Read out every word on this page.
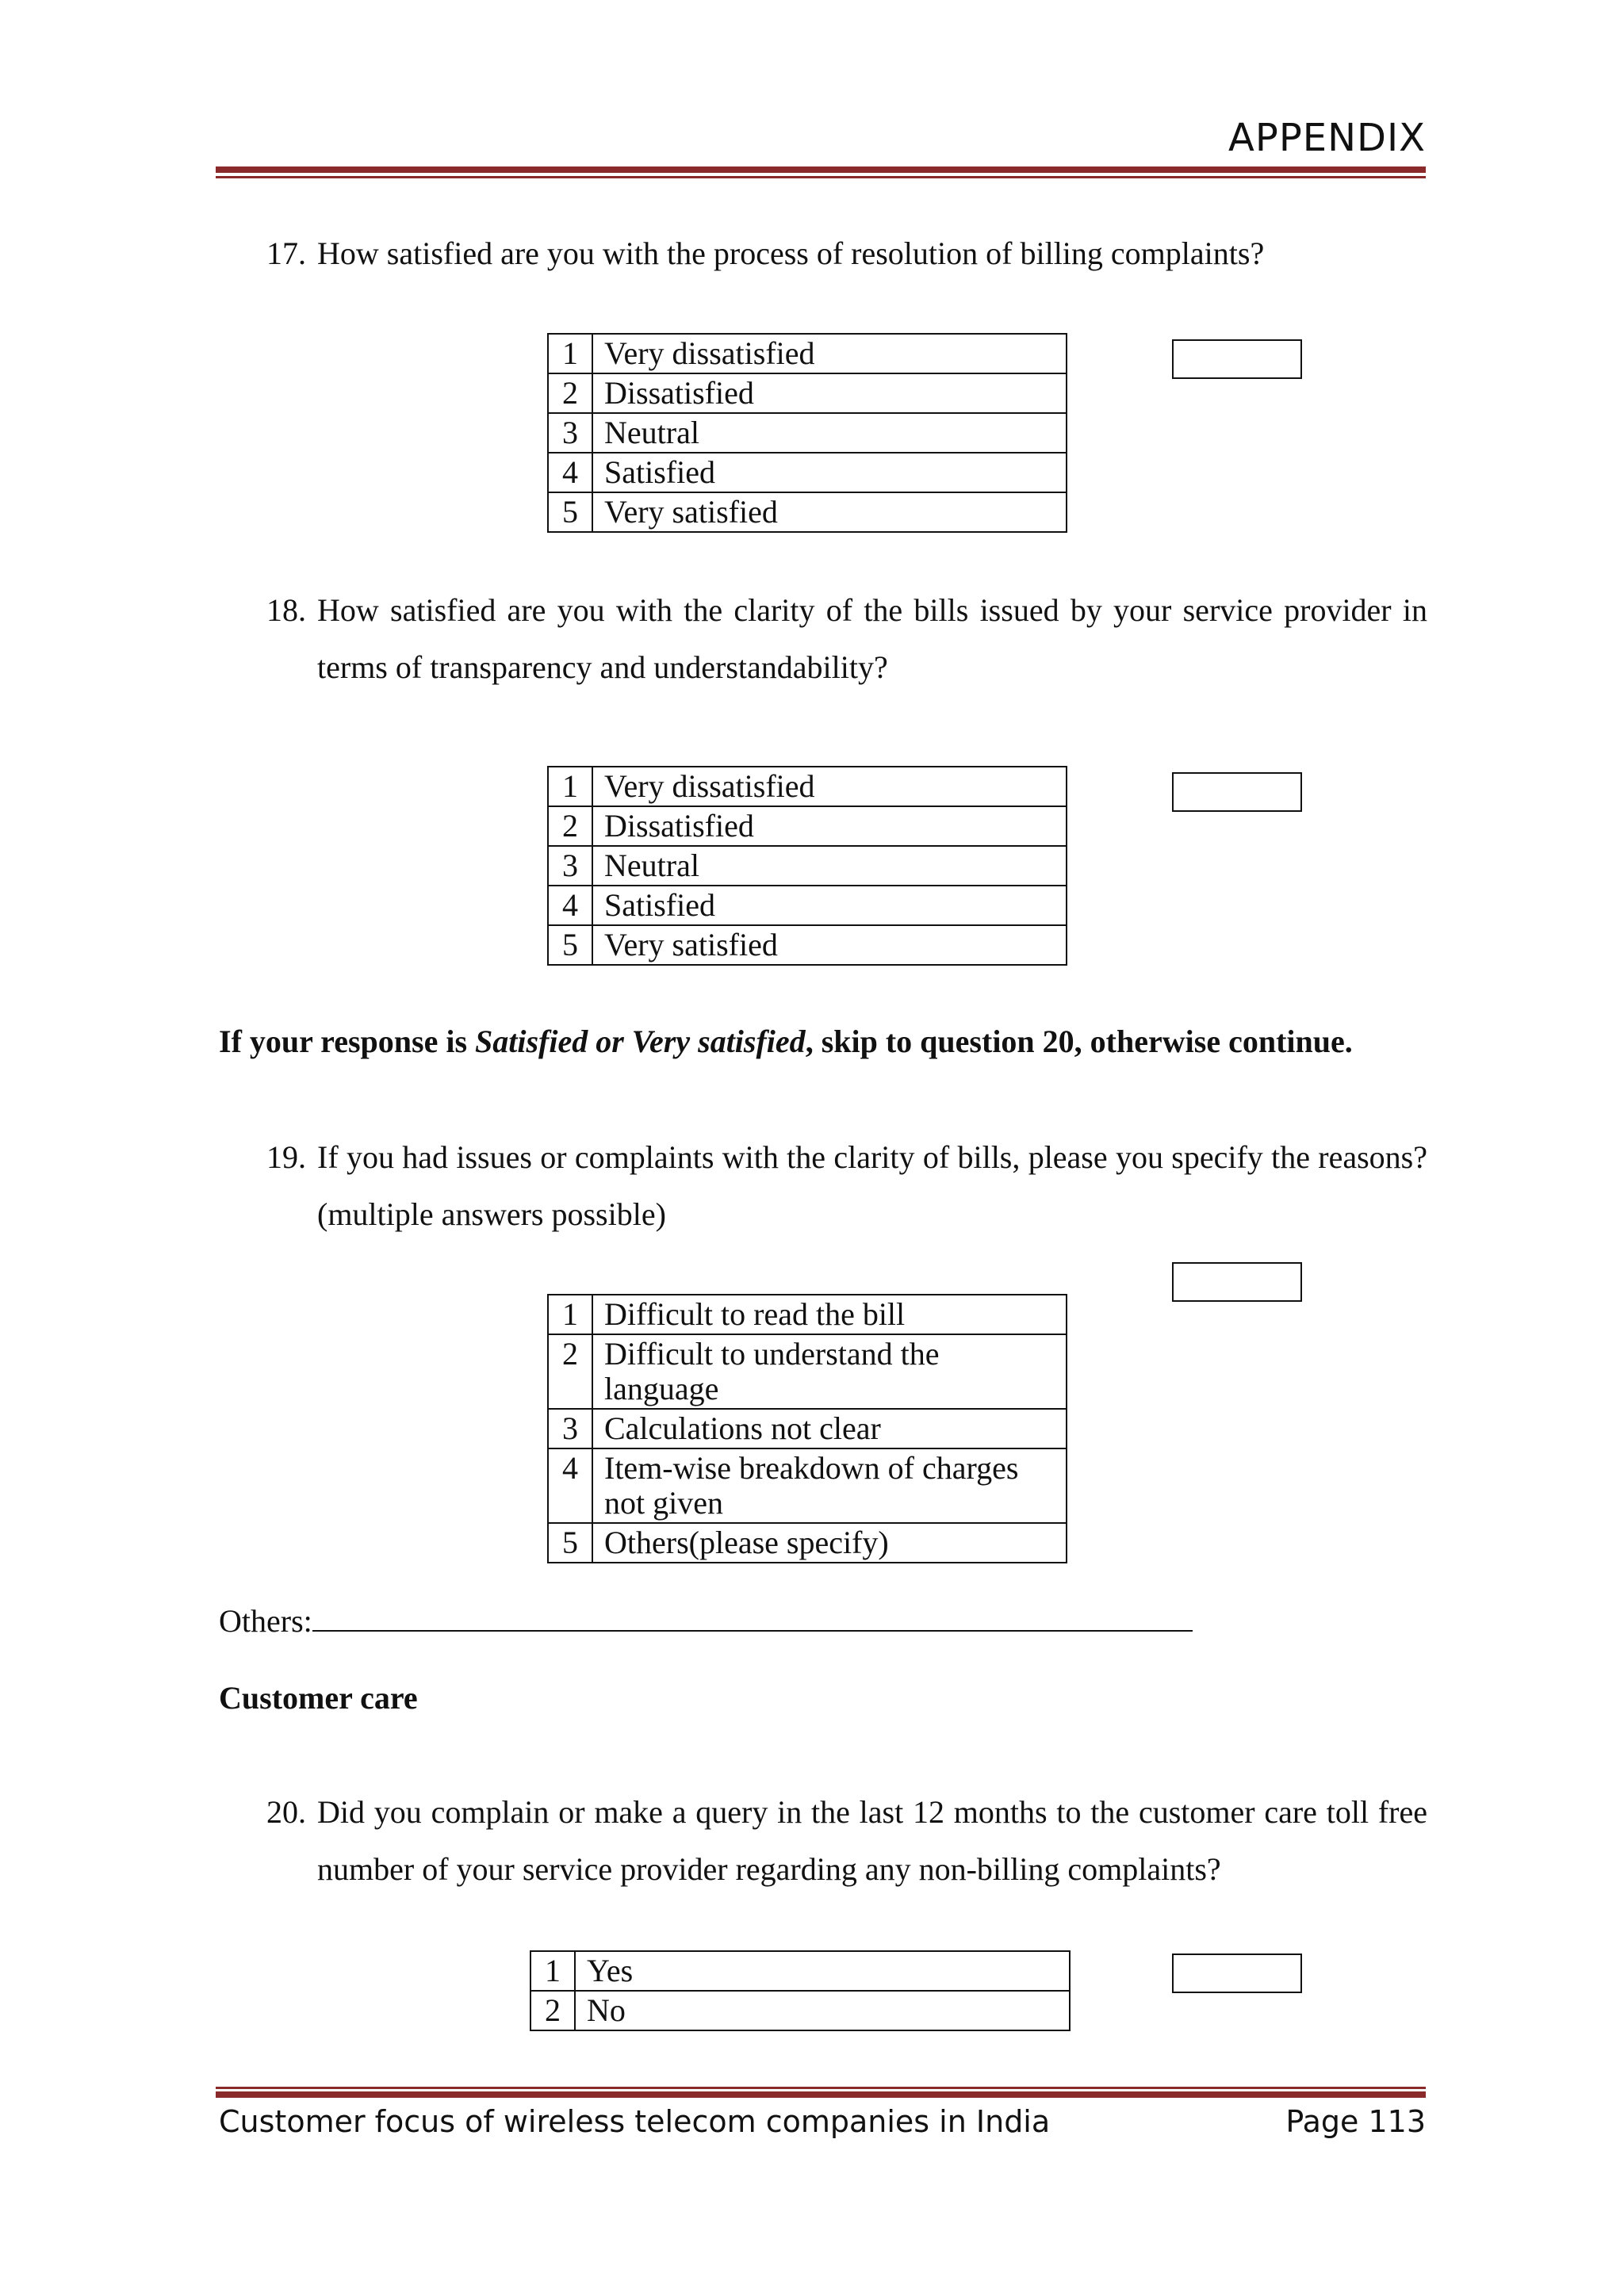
APPENDIX
17. How satisfied are you with the process of resolution of billing complaints?
1	Very dissatisfied
2	Dissatisfied
3	Neutral
4	Satisfied
5	Very satisfied
18. How satisfied are you with the clarity of the bills issued by your service provider in terms of transparency and understandability?
1	Very dissatisfied
2	Dissatisfied
3	Neutral
4	Satisfied
5	Very satisfied
If your response is Satisfied or Very satisfied, skip to question 20, otherwise continue.
19. If you had issues or complaints with the clarity of bills, please you specify the reasons?(multiple answers possible)
1	Difficult to read the bill
2	Difficult to understand the language
3	Calculations not clear
4	Item-wise breakdown of charges not given
5	Others(please specify)
Others:
Customer care
20. Did you complain or make a query in the last 12 months to the customer care toll free number of your service provider regarding any non-billing complaints?
1	Yes
2	No
Customer focus of wireless telecom companies in India	Page 113
